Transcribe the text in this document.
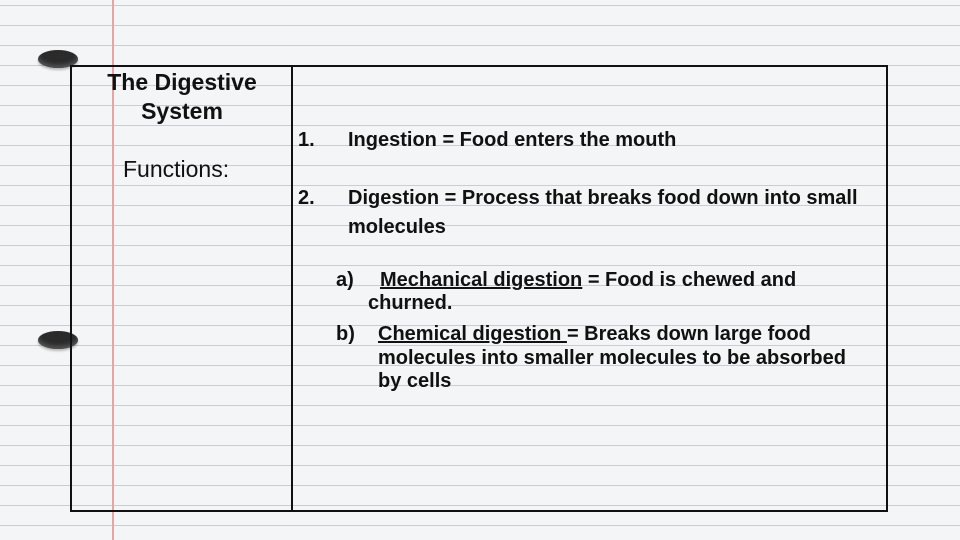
The Digestive System
Functions:
1. Ingestion = Food enters the mouth
2. Digestion = Process that breaks food down into small
molecules
a) Mechanical digestion = Food is chewed and
churned.
b) Chemical digestion = Breaks down large food
molecules into smaller molecules to be absorbed
by cells
